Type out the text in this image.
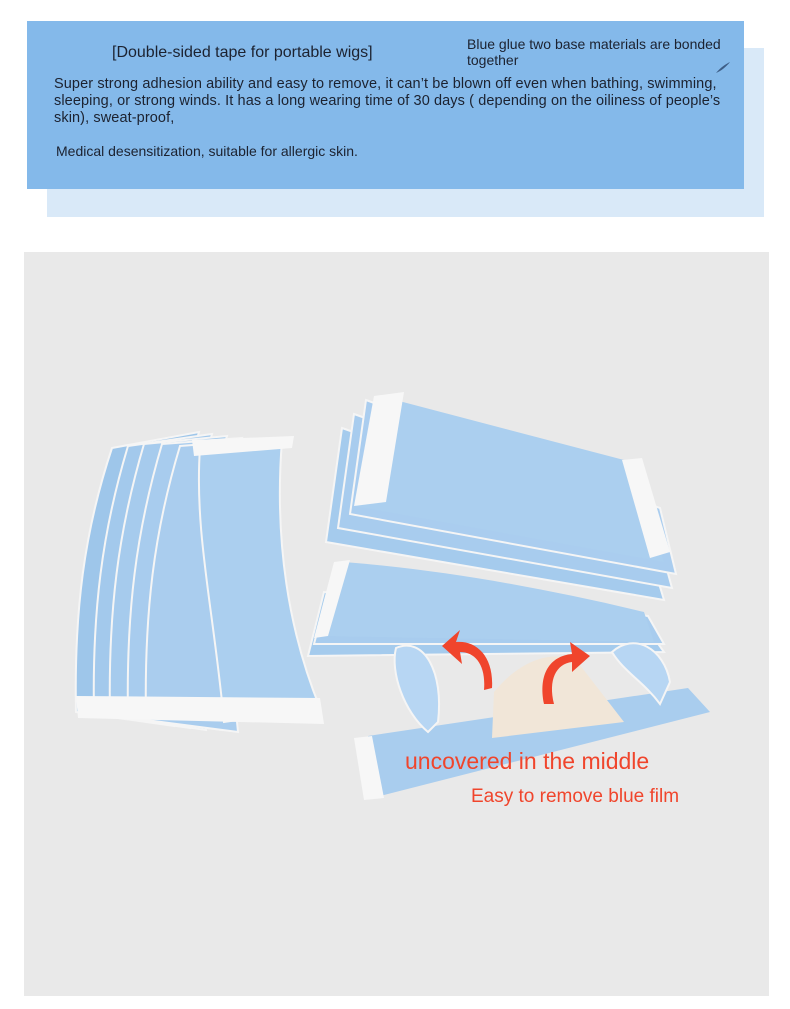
[Double-sided tape for portable wigs]	Blue glue two base materials are bonded together
Super strong adhesion ability and easy to remove, it can’t be blown off even when bathing, swimming, sleeping, or strong winds. It has a long wearing time of 30 days ( depending on the oiliness of people’s skin), sweat-proof,
Medical desensitization, suitable for allergic skin.
uncovered in the middle
Easy to remove blue film
